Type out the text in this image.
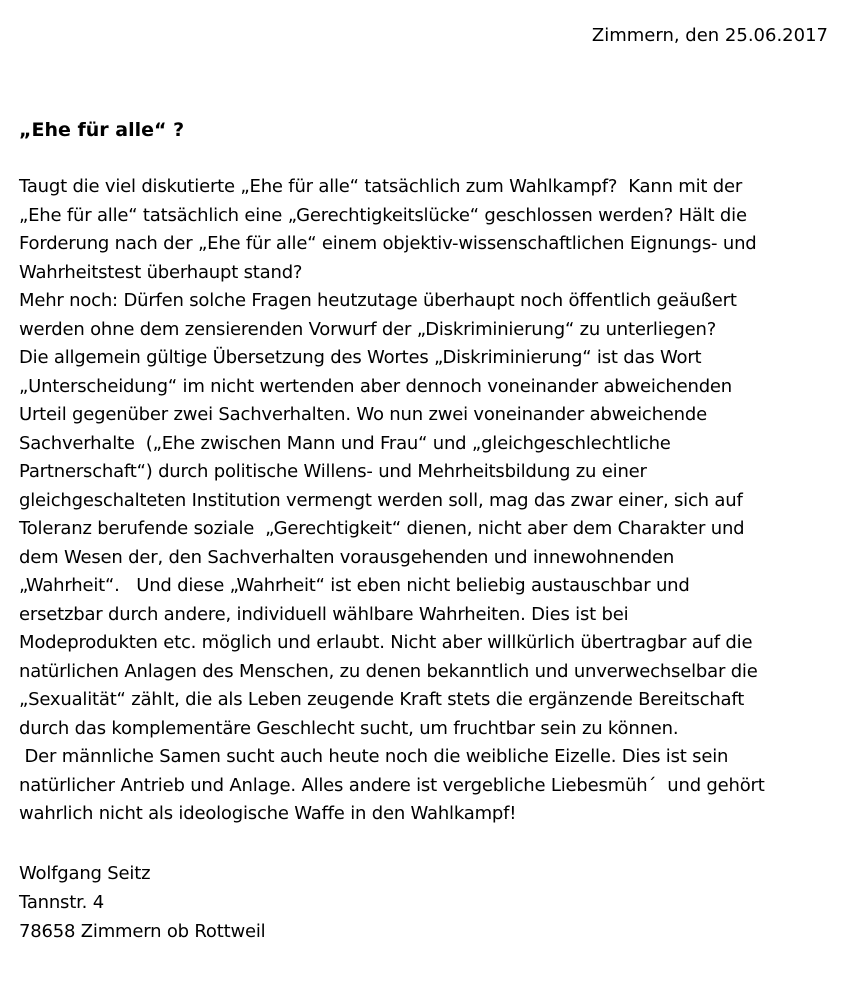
Zimmern, den 25.06.2017
„Ehe für alle“ ?
Taugt die viel diskutierte „Ehe für alle“ tatsächlich zum Wahlkampf?  Kann mit der
„Ehe für alle“ tatsächlich eine „Gerechtigkeitslücke“ geschlossen werden? Hält die
Forderung nach der „Ehe für alle“ einem objektiv-wissenschaftlichen Eignungs- und
Wahrheitstest überhaupt stand?
Mehr noch: Dürfen solche Fragen heutzutage überhaupt noch öffentlich geäußert
werden ohne dem zensierenden Vorwurf der „Diskriminierung“ zu unterliegen?
Die allgemein gültige Übersetzung des Wortes „Diskriminierung“ ist das Wort
„Unterscheidung“ im nicht wertenden aber dennoch voneinander abweichenden
Urteil gegenüber zwei Sachverhalten. Wo nun zwei voneinander abweichende
Sachverhalte  („Ehe zwischen Mann und Frau“ und „gleichgeschlechtliche
Partnerschaft“) durch politische Willens- und Mehrheitsbildung zu einer
gleichgeschalteten Institution vermengt werden soll, mag das zwar einer, sich auf
Toleranz berufende soziale  „Gerechtigkeit“ dienen, nicht aber dem Charakter und
dem Wesen der, den Sachverhalten vorausgehenden und innewohnenden
„Wahrheit“.   Und diese „Wahrheit“ ist eben nicht beliebig austauschbar und
ersetzbar durch andere, individuell wählbare Wahrheiten. Dies ist bei
Modeprodukten etc. möglich und erlaubt. Nicht aber willkürlich übertragbar auf die
natürlichen Anlagen des Menschen, zu denen bekanntlich und unverwechselbar die
„Sexualität“ zählt, die als Leben zeugende Kraft stets die ergänzende Bereitschaft
durch das komplementäre Geschlecht sucht, um fruchtbar sein zu können.
Der männliche Samen sucht auch heute noch die weibliche Eizelle. Dies ist sein
natürlicher Antrieb und Anlage. Alles andere ist vergebliche Liebesmüh´  und gehört
wahrlich nicht als ideologische Waffe in den Wahlkampf!
Wolfgang Seitz
Tannstr. 4
78658 Zimmern ob Rottweil
